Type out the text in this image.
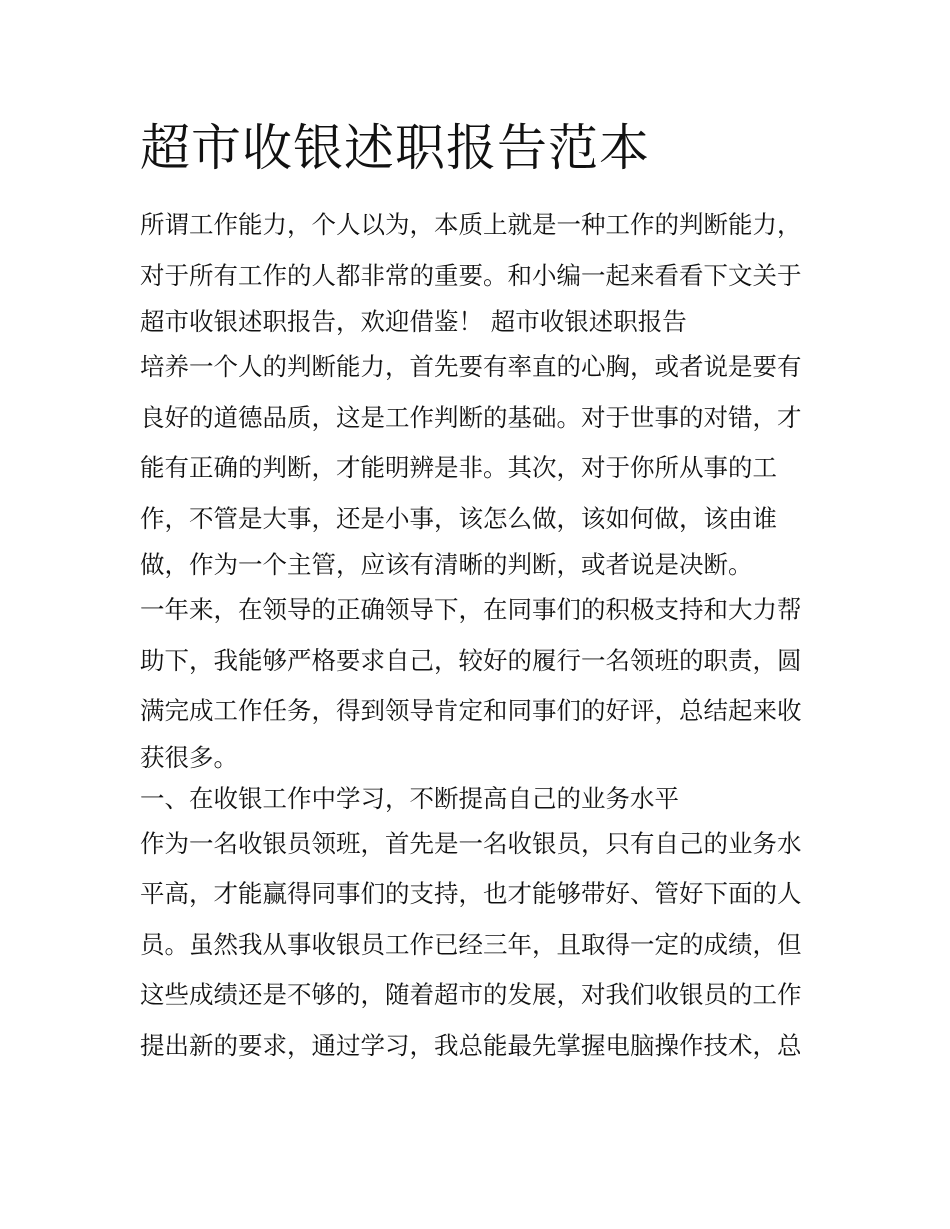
超市收银述职报告范本
所谓工作能力，个人以为，本质上就是一种工作的判断能力，
对于所有工作的人都非常的重要。和小编一起来看看下文关于
超市收银述职报告，欢迎借鉴！ 超市收银述职报告
培养一个人的判断能力，首先要有率直的心胸，或者说是要有
良好的道德品质，这是工作判断的基础。对于世事的对错，才
能有正确的判断，才能明辨是非。其次，对于你所从事的工
作，不管是大事，还是小事，该怎么做，该如何做，该由谁
做，作为一个主管，应该有清晰的判断，或者说是决断。
一年来，在领导的正确领导下，在同事们的积极支持和大力帮
助下，我能够严格要求自己，较好的履行一名领班的职责，圆
满完成工作任务，得到领导肯定和同事们的好评，总结起来收
获很多。
一、在收银工作中学习，不断提高自己的业务水平
作为一名收银员领班，首先是一名收银员，只有自己的业务水
平高，才能赢得同事们的支持，也才能够带好、管好下面的人
员。虽然我从事收银员工作已经三年，且取得一定的成绩，但
这些成绩还是不够的，随着超市的发展，对我们收银员的工作
提出新的要求，通过学习，我总能最先掌握电脑操作技术，总
